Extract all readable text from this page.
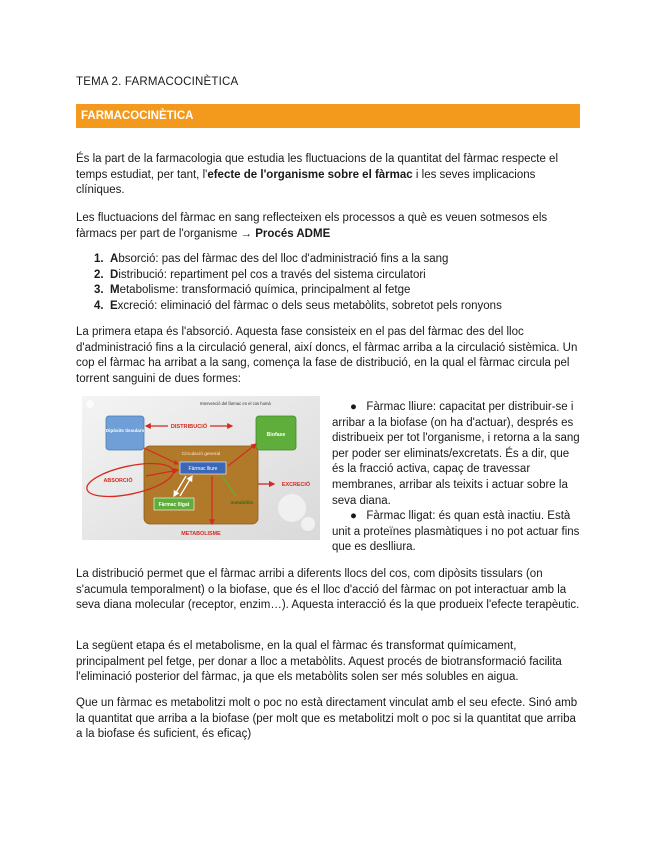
TEMA 2. FARMACOCINÈTICA
FARMACOCINÈTICA

És la part de la farmacologia que estudia les fluctuacions de la quantitat del fàrmac respecte el temps estudiat, per tant, l'efecte de l'organisme sobre el fàrmac i les seves implicacions clíniques.

Les fluctuacions del fàrmac en sang reflecteixen els processos a què es veuen sotmesos els fàrmacs per part de l'organisme → Procés ADME

1. Absorció: pas del fàrmac des del lloc d'administració fins a la sang
2. Distribució: repartiment pel cos a través del sistema circulatori
3. Metabolisme: transformació química, principalment al fetge
4. Excreció: eliminació del fàrmac o dels seus metabòlits, sobretot pels ronyons

La primera etapa és l'absorció. Aquesta fase consisteix en el pas del fàrmac des del lloc d'administració fins a la circulació general, així doncs, el fàrmac arriba a la circulació sistèmica. Un cop el fàrmac ha arribat a la sang, comença la fase de distribució, en la qual el fàrmac circula pel torrent sanguini de dues formes:

Intervenció del fàrmac en el cos humà
DISTRIBUCIÓ
Dipòsits tissulars
Biofase
Circulació general
Fàrmac lliure
Fàrmac lligat	metabòlits
ABSORCIÓ
EXCRECIÓ
METABOLISME
● Fàrmac lliure: capacitat per distribuir-se i arribar a la biofase (on ha d'actuar), després es distribueix per tot l'organisme, i retorna a la sang per poder ser eliminats/excretats. És a dir, que és la fracció activa, capaç de travessar membranes, arribar als teixits i actuar sobre la seva diana.
● Fàrmac lligat: és quan està inactiu. Està unit a proteïnes plasmàtiques i no pot actuar fins que es deslliura.

La distribució permet que el fàrmac arribi a diferents llocs del cos, com dipòsits tissulars (on s'acumula temporalment) o la biofase, que és el lloc d'acció del fàrmac on pot interactuar amb la seva diana molecular (receptor, enzim…). Aquesta interacció és la que produeix l'efecte terapèutic.

La següent etapa és el metabolisme, en la qual el fàrmac és transformat químicament, principalment pel fetge, per donar a lloc a metabòlits. Aquest procés de biotransformació facilita l'eliminació posterior del fàrmac, ja que els metabòlits solen ser més solubles en aigua.

Que un fàrmac es metabolitzi molt o poc no està directament vinculat amb el seu efecte. Sinó amb la quantitat que arriba a la biofase (per molt que es metabolitzi molt o poc si la quantitat que arriba a la biofase és suficient, és eficaç)
